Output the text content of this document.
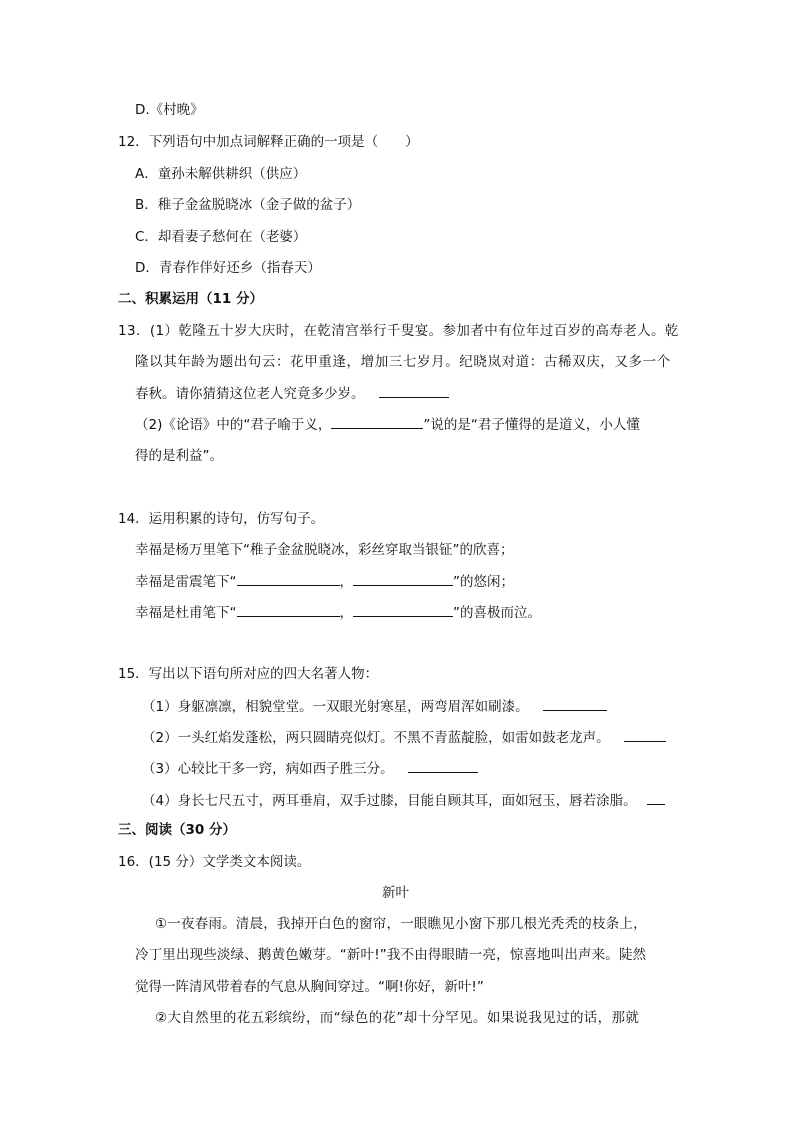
D.《村晚》
12．下列语句中加点词解释正确的一项是（　　）
A．童孙未解供耕织（供应）
B．稚子金盆脱晓冰（金子做的盆子）
C．却看妻子愁何在（老婆）
D．青春作伴好还乡（指春天）
二、积累运用（11 分）
13．(1）乾隆五十岁大庆时，在乾清宫举行千叟宴。参加者中有位年过百岁的高寿老人。乾
隆以其年龄为题出句云：花甲重逢，增加三七岁月。纪晓岚对道：古稀双庆，又多一个
春秋。请你猜猜这位老人究竟多少岁。
（2)《论语》中的“君子喻于义，	”说的是“君子懂得的是道义，小人懂
得的是利益”。
14．运用积累的诗句，仿写句子。
幸福是杨万里笔下“稚子金盆脱晓冰，彩丝穿取当银钲”的欣喜；
幸福是雷震笔下“	，	”的悠闲；
幸福是杜甫笔下“	，	”的喜极而泣。
15．写出以下语句所对应的四大名著人物：
（1）身躯凛凛，相貌堂堂。一双眼光射寒星，两弯眉浑如刷漆。
（2）一头红焰发蓬松，两只圆睛亮似灯。不黑不青蓝靛脸，如雷如鼓老龙声。
（3）心较比干多一窍，病如西子胜三分。
（4）身长七尺五寸，两耳垂肩，双手过膝，目能自顾其耳，面如冠玉，唇若涂脂。
三、阅读（30 分）
16．(15 分）文学类文本阅读。
新叶
①一夜春雨。清晨，我掉开白色的窗帘，一眼瞧见小窗下那几根光秃秃的枝条上，
冷丁里出现些淡绿、鹅黄色嫩芽。“新叶!”我不由得眼睛一亮，惊喜地叫出声来。陡然
觉得一阵清风带着春的气息从胸间穿过。“啊!你好，新叶!”
②大自然里的花五彩缤纷，而“绿色的花”却十分罕见。如果说我见过的话，那就
